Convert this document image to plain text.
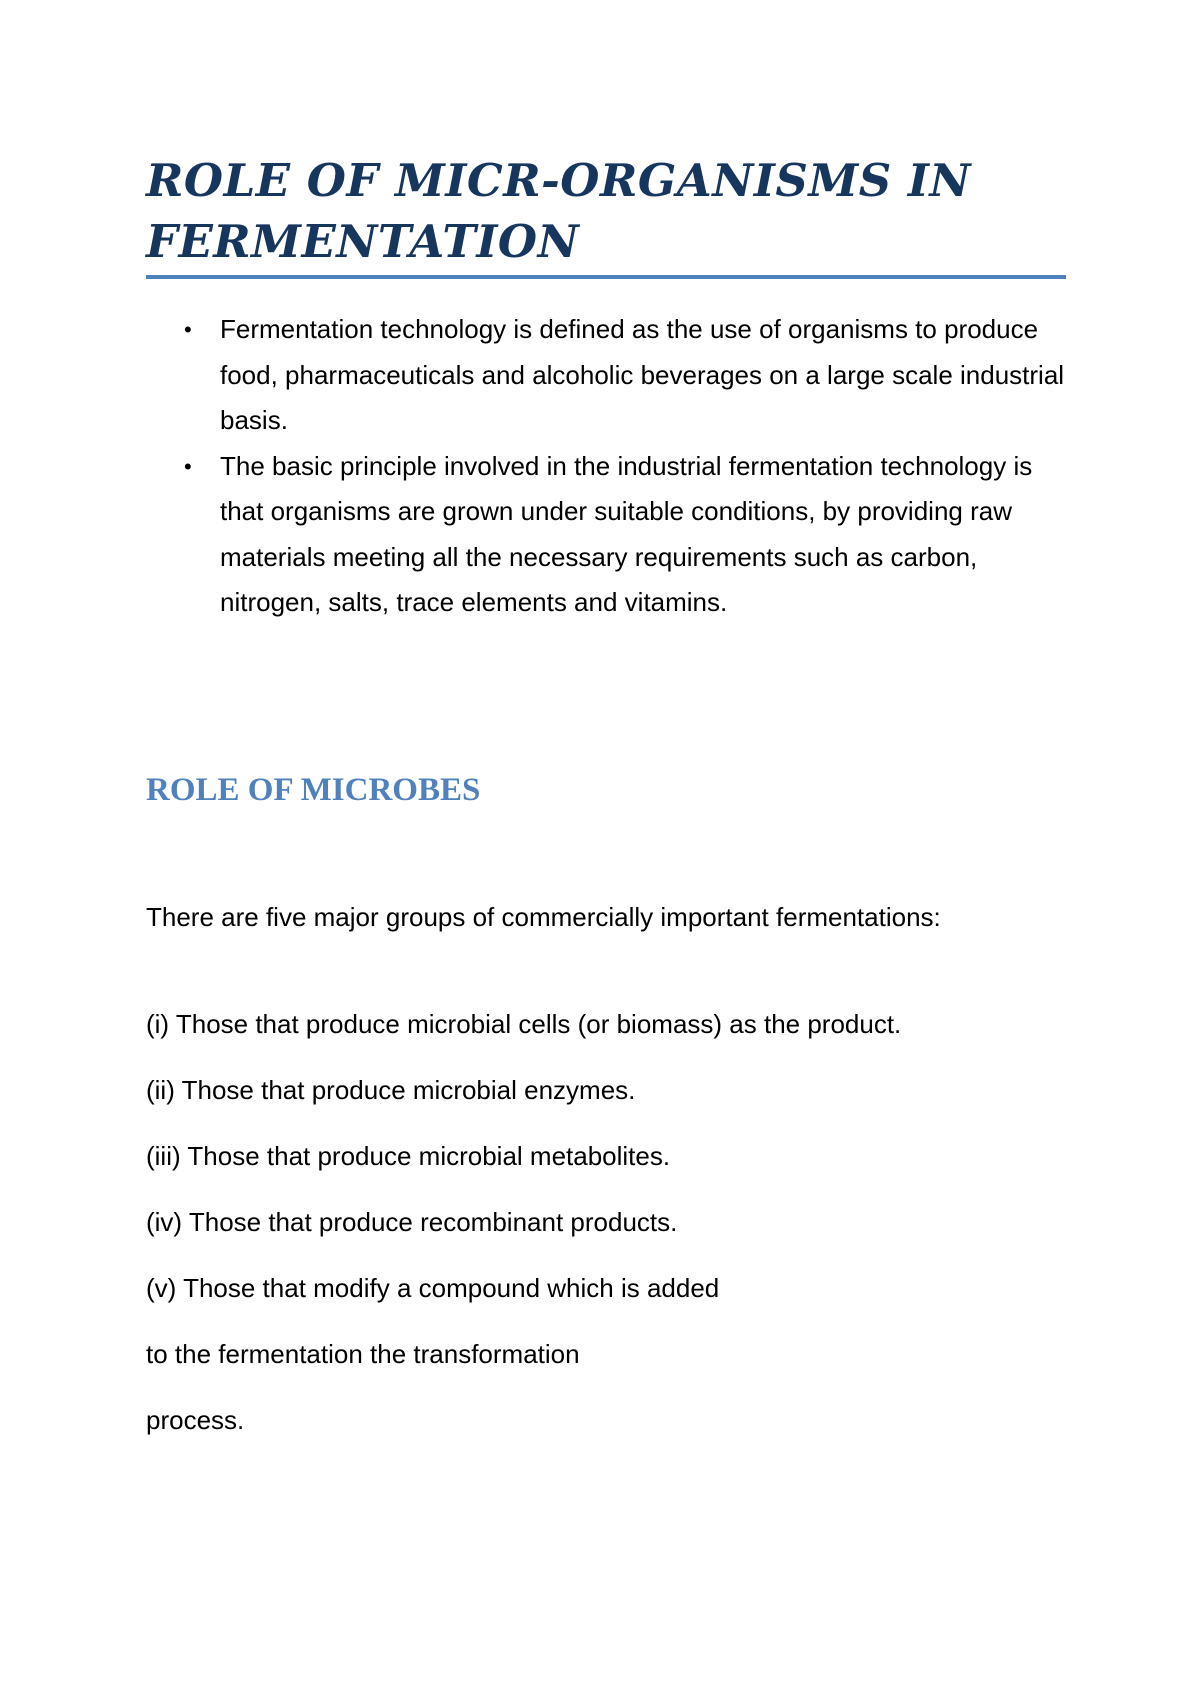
ROLE OF MICR-ORGANISMS IN FERMENTATION
• Fermentation technology is defined as the use of organisms to produce food, pharmaceuticals and alcoholic beverages on a large scale industrial basis.
• The basic principle involved in the industrial fermentation technology is that organisms are grown under suitable conditions, by providing raw materials meeting all the necessary requirements such as carbon, nitrogen, salts, trace elements and vitamins.
ROLE OF MICROBES

There are five major groups of commercially important fermentations:

(i) Those that produce microbial cells (or biomass) as the product.

(ii) Those that produce microbial enzymes.

(iii) Those that produce microbial metabolites.

(iv) Those that produce recombinant products.

(v) Those that modify a compound which is added

to the fermentation the transformation

process.
